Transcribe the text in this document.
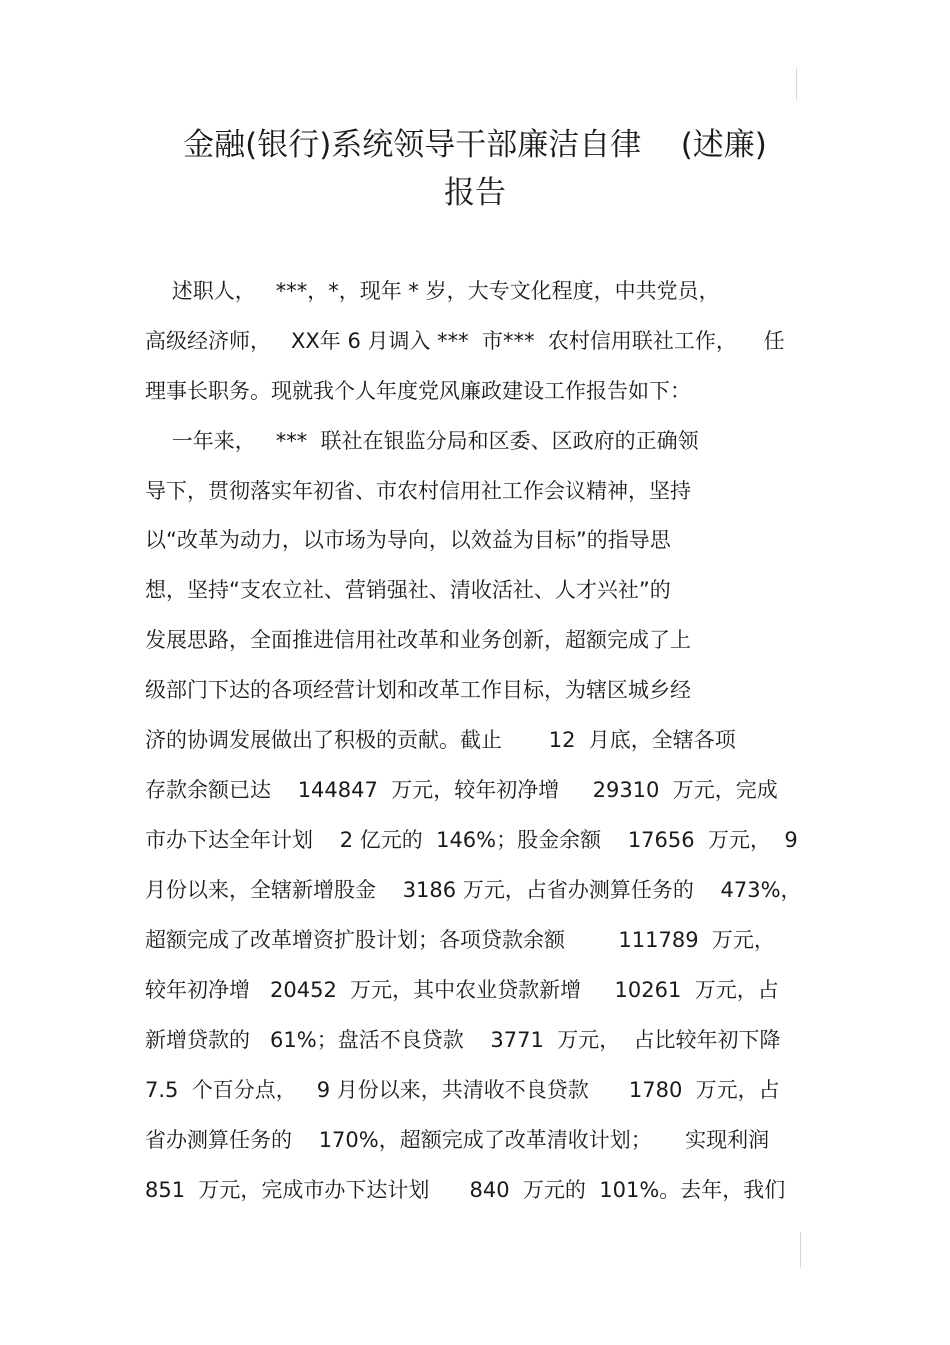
金融(银行)系统领导干部廉洁自律    (述廉)
报告
述职人，   ***，*，现年 * 岁，大专文化程度，中共党员，
高级经济师，   XX年 6 月调入 ***  市***  农村信用联社工作，    任
理事长职务。现就我个人年度党风廉政建设工作报告如下：
一年来，   ***  联社在银监分局和区委、区政府的正确领
导下，贯彻落实年初省、市农村信用社工作会议精神，坚持
以“改革为动力，以市场为导向，以效益为目标”的指导思
想，坚持“支农立社、营销强社、清收活社、人才兴社”的
发展思路，全面推进信用社改革和业务创新，超额完成了上
级部门下达的各项经营计划和改革工作目标，为辖区城乡经
济的协调发展做出了积极的贡献。截止       12  月底，全辖各项
存款余额已达    144847  万元，较年初净增     29310  万元，完成
市办下达全年计划    2 亿元的  146%；股金余额    17656  万元，  9
月份以来，全辖新增股金    3186 万元，占省办测算任务的    473%，
超额完成了改革增资扩股计划；各项贷款余额        111789  万元，
较年初净增   20452  万元，其中农业贷款新增     10261  万元，占
新增贷款的   61%；盘活不良贷款    3771  万元，  占比较年初下降
7.5  个百分点，   9 月份以来，共清收不良贷款      1780  万元，占
省办测算任务的    170%，超额完成了改革清收计划；     实现利润
851  万元，完成市办下达计划      840  万元的  101%。去年，我们
